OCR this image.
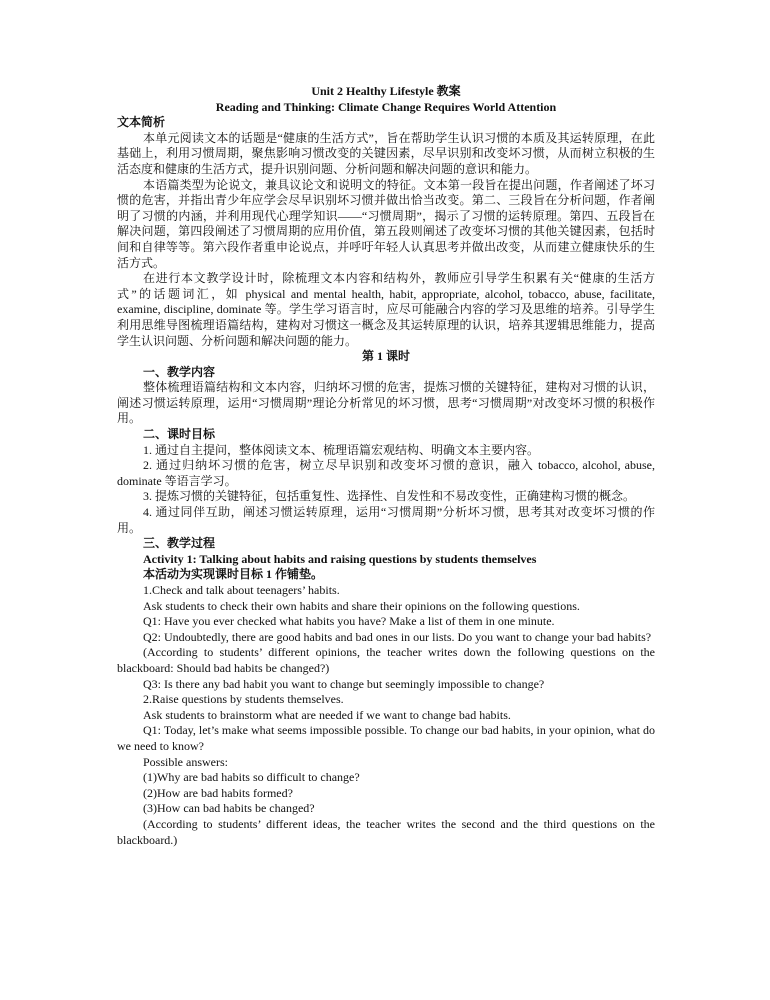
Unit 2 Healthy Lifestyle 教案

Reading and Thinking: Climate Change Requires World Attention

文本简析

本单元阅读文本的话题是“健康的生活方式”，旨在帮助学生认识习惯的本质及其运转原理，在此基础上，利用习惯周期，聚焦影响习惯改变的关键因素，尽早识别和改变坏习惯，从而树立积极的生活态度和健康的生活方式，提升识别问题、分析问题和解决问题的意识和能力。

本语篇类型为论说文，兼具议论文和说明文的特征。文本第一段旨在提出问题，作者阐述了坏习惯的危害，并指出青少年应学会尽早识别坏习惯并做出恰当改变。第二、三段旨在分析问题，作者阐明了习惯的内涵，并利用现代心理学知识——“习惯周期”，揭示了习惯的运转原理。第四、五段旨在解决问题，第四段阐述了习惯周期的应用价值，第五段则阐述了改变坏习惯的其他关键因素，包括时间和自律等等。第六段作者重申论说点，并呼吁年轻人认真思考并做出改变，从而建立健康快乐的生活方式。

在进行本文教学设计时，除梳理文本内容和结构外，教师应引导学生积累有关“健康的生活方式”的话题词汇，如 physical and mental health, habit, appropriate, alcohol, tobacco, abuse, facilitate, examine, discipline, dominate 等。学生学习语言时，应尽可能融合内容的学习及思维的培养。引导学生利用思维导图梳理语篇结构，建构对习惯这一概念及其运转原理的认识，培养其逻辑思维能力，提高学生认识问题、分析问题和解决问题的能力。

第 1 课时

一、教学内容

整体梳理语篇结构和文本内容，归纳坏习惯的危害，提炼习惯的关键特征，建构对习惯的认识，阐述习惯运转原理，运用“习惯周期”理论分析常见的坏习惯，思考“习惯周期”对改变坏习惯的积极作用。

二、课时目标

1. 通过自主提问，整体阅读文本、梳理语篇宏观结构、明确文本主要内容。

2. 通过归纳坏习惯的危害，树立尽早识别和改变坏习惯的意识，融入 tobacco, alcohol, abuse, dominate 等语言学习。

3. 提炼习惯的关键特征，包括重复性、选择性、自发性和不易改变性，正确建构习惯的概念。

4. 通过同伴互助，阐述习惯运转原理，运用“习惯周期”分析坏习惯，思考其对改变坏习惯的作用。

三、教学过程

Activity 1: Talking about habits and raising questions by students themselves

本活动为实现课时目标 1 作铺垫。

1.Check and talk about teenagers’ habits.

Ask students to check their own habits and share their opinions on the following questions.

Q1: Have you ever checked what habits you have? Make a list of them in one minute.

Q2: Undoubtedly, there are good habits and bad ones in our lists. Do you want to change your bad habits?

(According to students’ different opinions, the teacher writes down the following questions on the blackboard: Should bad habits be changed?)

Q3: Is there any bad habit you want to change but seemingly impossible to change?

2.Raise questions by students themselves.

Ask students to brainstorm what are needed if we want to change bad habits.

Q1: Today, let’s make what seems impossible possible. To change our bad habits, in your opinion, what do we need to know?

Possible answers:

(1)Why are bad habits so difficult to change?

(2)How are bad habits formed?

(3)How can bad habits be changed?

(According to students’ different ideas, the teacher writes the second and the third questions on the blackboard.)
